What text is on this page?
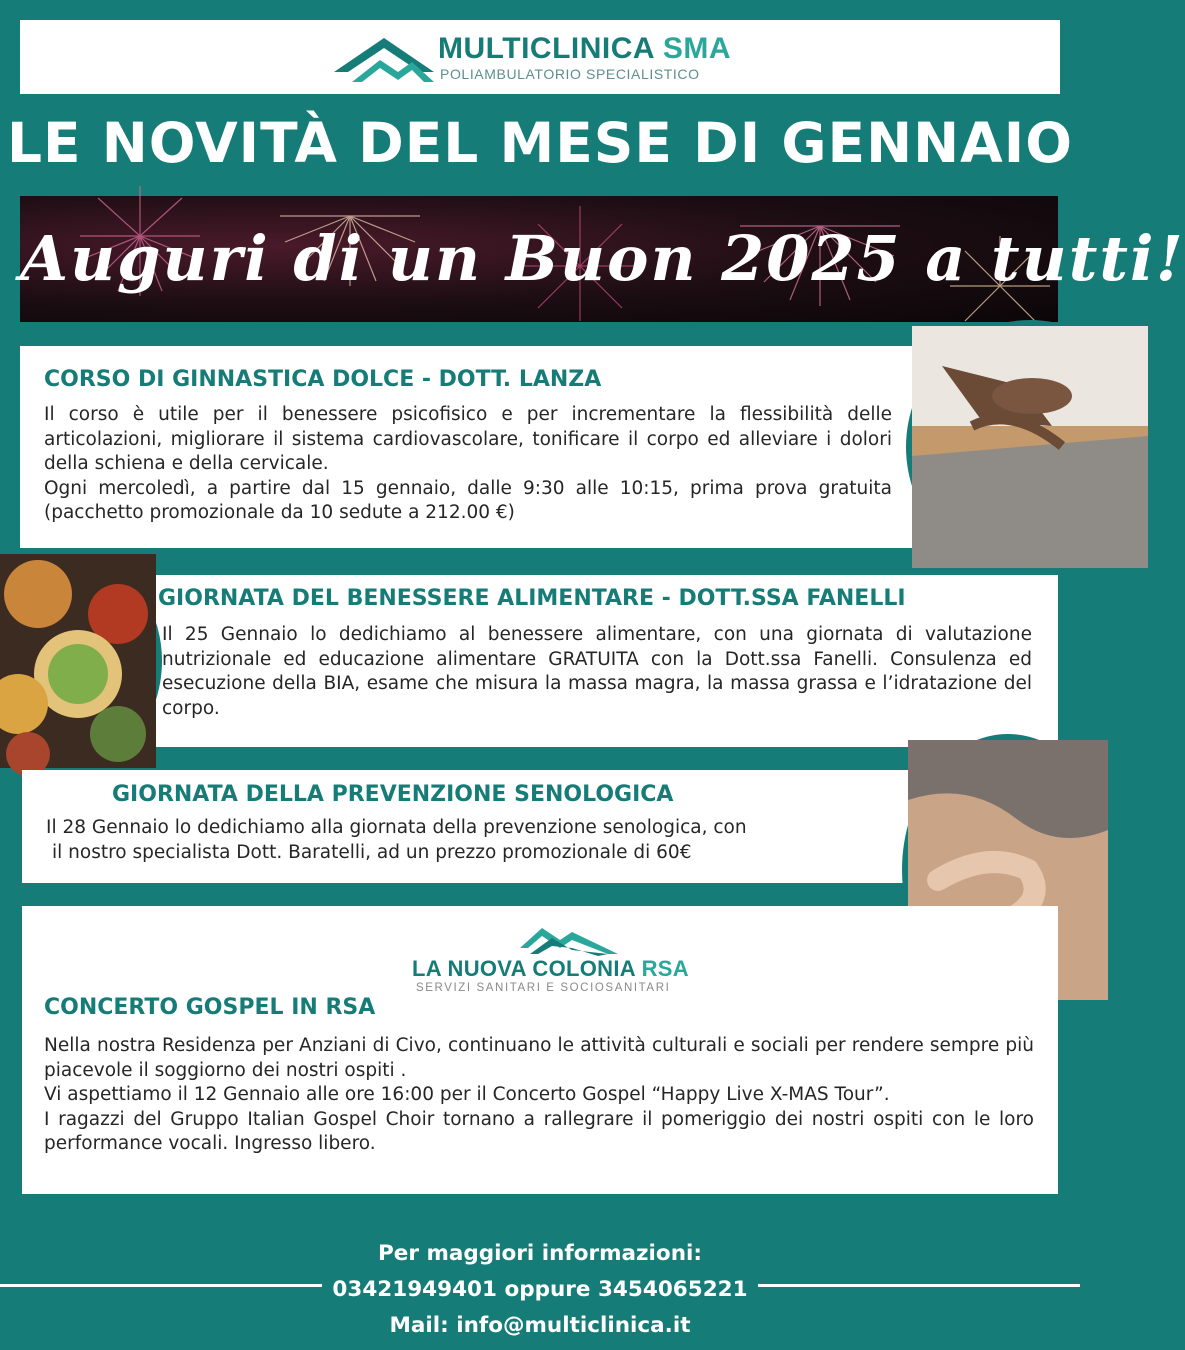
MULTICLINICA SMA
POLIAMBULATORIO SPECIALISTICO
LE NOVITÀ DEL MESE DI GENNAIO
Auguri di un Buon 2025 a tutti!
CORSO DI GINNASTICA DOLCE - DOTT. LANZA

Il corso è utile per il benessere psicofisico e per incrementare la flessibilità delle articolazioni, migliorare il sistema cardiovascolare, tonificare il corpo ed alleviare i dolori della schiena e della cervicale.

Ogni mercoledì, a partire dal 15 gennaio, dalle 9:30 alle 10:15, prima prova gratuita (pacchetto promozionale da 10 sedute a 212.00 €)

GIORNATA DEL BENESSERE ALIMENTARE - DOTT.SSA FANELLI

Il 25 Gennaio lo dedichiamo al benessere alimentare, con una giornata di valutazione nutrizionale ed educazione alimentare GRATUITA con la Dott.ssa Fanelli. Consulenza ed esecuzione della BIA, esame che misura la massa magra, la massa grassa e l’idratazione del corpo.

GIORNATA DELLA PREVENZIONE SENOLOGICA

Il 28 Gennaio lo dedichiamo alla giornata della prevenzione senologica, con

il nostro specialista Dott. Baratelli, ad un prezzo promozionale di 60€

LA NUOVA COLONIA RSA
SERVIZI SANITARI E SOCIOSANITARI
CONCERTO GOSPEL IN RSA

Nella nostra Residenza per Anziani di Civo, continuano le attività culturali e sociali per rendere sempre più piacevole il soggiorno dei nostri ospiti .

Vi aspettiamo il 12 Gennaio alle ore 16:00 per il Concerto Gospel “Happy Live X-MAS Tour”.

I ragazzi del Gruppo Italian Gospel Choir tornano a rallegrare il pomeriggio dei nostri ospiti con le loro performance vocali. Ingresso libero.

Per maggiori informazioni:
03421949401 oppure 3454065221
Mail: info@multiclinica.it
